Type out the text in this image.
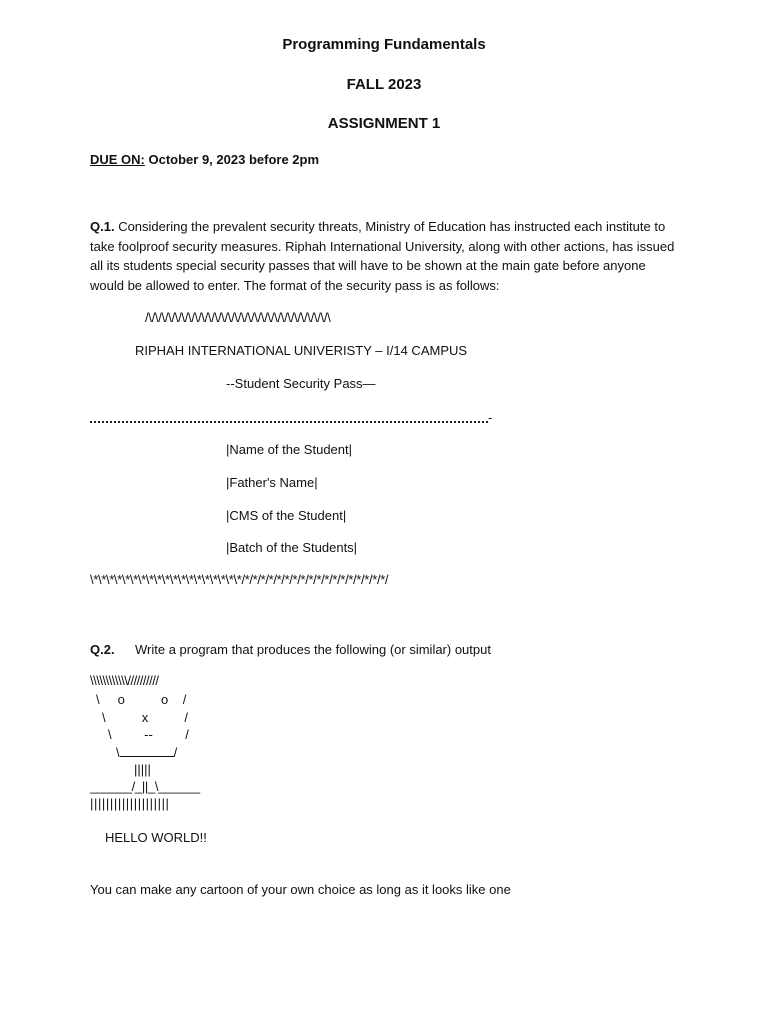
Programming Fundamentals
FALL 2023
ASSIGNMENT 1
DUE ON: October 9, 2023 before 2pm
Q.1. Considering the prevalent security threats, Ministry of Education has instructed each institute to take foolproof security measures. Riphah International University, along with other actions, has issued all its students special security passes that will have to be shown at the main gate before anyone would be allowed to enter. The format of the security pass is as follows:
/\/\/\/\/\/\/\/\/\/\/\/\/\/\/\/\/\/\/\/\/\/\/\/\/\/\/\/\
RIPHAH INTERNATIONAL UNIVERISTY – I/14 CAMPUS
--Student Security Pass—
-
|Name of the Student|
|Father's Name|
|CMS of the Student|
|Batch of the Students|
\*\*\*\*\*\*\*\*\*\*\*\*\*\*\*\*\*\*\*/*/*/*/*/*/*/*/*/*/*/*/*/*/*/*/*/*/*/
Q.2. Write a program that produces the following (or similar) output
\\\\\\\\\\\\//////////
\     o          o    /
\          x          /
\         --         /
\	/
|||||
______/_||_\______
||||||||||||||||||||
HELLO WORLD!!
You can make any cartoon of your own choice as long as it looks like one
